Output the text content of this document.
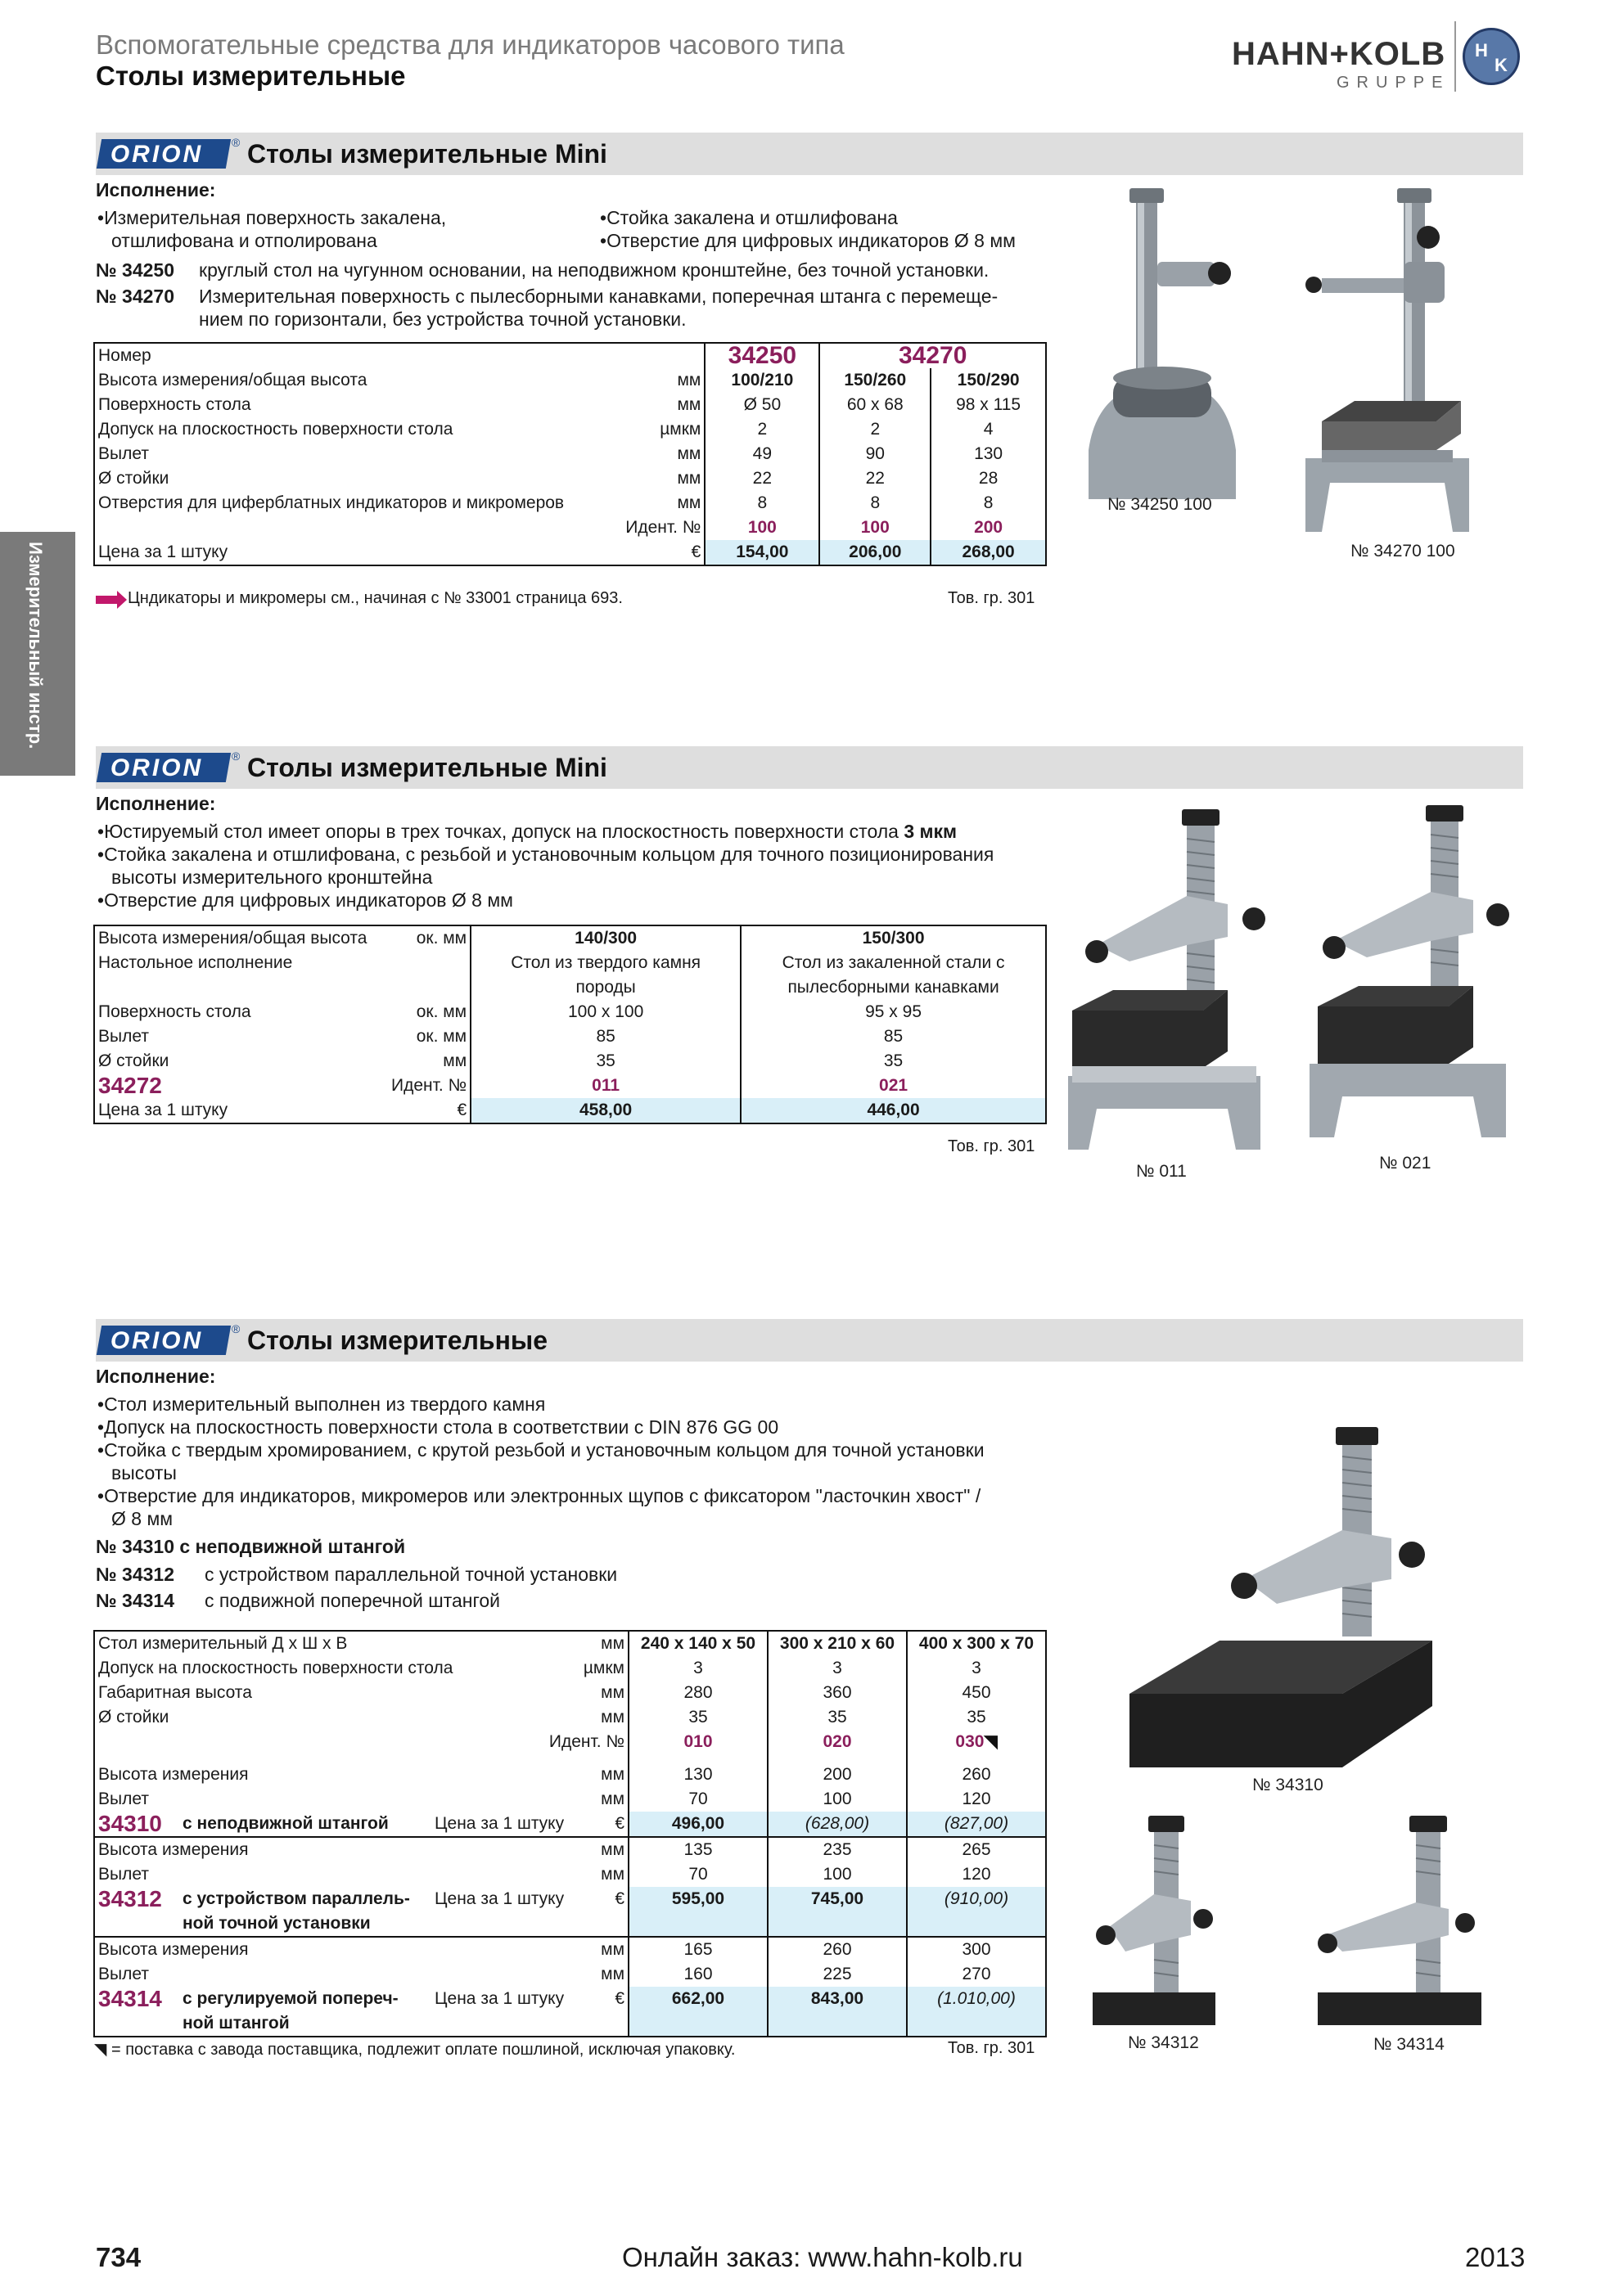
Вспомогательные средства для индикаторов часового типа
Столы измерительные
HAHN+KOLB
GRUPPE
H
K
Измерительный инстр.
ORION ® Столы измерительные Mini
Исполнение:
•Измерительная поверхность закалена,
отшлифована и отполирована
•Стойка закалена и отшлифована
•Отверстие для цифровых индикаторов Ø 8 мм
№ 34250 круглый стол на чугунном основании, на неподвижном кронштейне, без точной установки.
№ 34270 Измерительная поверхность с пылесборными канавками, поперечная штанга с перемеще-
нием по горизонтали, без устройства точной установки.
Номер		34250	34270	
Высота измерения/общая высота	мм	100/210	150/260	150/290
Поверхность стола	мм	Ø 50	60 x 68	98 x 115
Допуск на плоскостность поверхности стола	µмкм	2	2	4
Вылет	мм	49	90	130
Ø стойки	мм	22	22	28
Отверстия для циферблатных индикаторов и микромеров	мм	8	8	8
Идент. №		100	100	200
Цена за 1 штуку	€	154,00	206,00	268,00
Цндикаторы и микромеры см., начиная с № 33001 страница 693.	Тов. гр. 301
№ 34250 100
№ 34270 100
ORION ® Столы измерительные Mini
Исполнение:
•Юстируемый стол имеет опоры в трех точках, допуск на плоскостность поверхности стола 3 мкм
•Стойка закалена и отшлифована, с резьбой и установочным кольцом для точного позиционирования
высоты измерительного кронштейна
•Отверстие для цифровых индикаторов Ø 8 мм
Высота измерения/общая высота	ок. мм	140/300	150/300
Настольное исполнение		Стол из твердого камня	Стол из закаленной стали с
		породы	пылесборными канавками
Поверхность стола	ок. мм	100 x 100	95 x 95
Вылет	ок. мм	85	85
Ø стойки	мм	35	35
34272	Идент. №	011	021
Цена за 1 штуку	€	458,00	446,00
Тов. гр. 301
№ 011	№ 021
ORION ® Столы измерительные
Исполнение:
•Стол измерительный выполнен из твердого камня
•Допуск на плоскостность поверхности стола в соответствии с DIN 876 GG 00
•Стойка с твердым хромированием, с крутой резьбой и установочным кольцом для точной установки
высоты
•Отверстие для индикаторов, микромеров или электронных щупов с фиксатором "ласточкин хвост" /
Ø 8 мм
№ 34310 с неподвижной штангой
№ 34312 с устройством параллельной точной установки
№ 34314 с подвижной поперечной штангой
Стол измерительный Д х Ш х В			мм	240 x 140 x 50	300 x 210 x 60	400 x 300 x 70
Допуск на плоскостность поверхности стола			µмкм	3	3	3
Габаритная высота			мм	280	360	450
Ø стойки			мм	35	35	35
Идент. №				010	020	030◥

Высота измерения			мм	130	200	260
Вылет			мм	70	100	120
34310	с неподвижной штангой	Цена за 1 штуку	€	496,00	(628,00)	(827,00)
Высота измерения			мм	135	235	265
Вылет			мм	70	100	120
34312	с устройством параллель-	Цена за 1 штуку	€	595,00	745,00	(910,00)
	ной точной установки					
Высота измерения			мм	165	260	300
Вылет			мм	160	225	270
34314	с регулируемой попереч-	Цена за 1 штуку	€	662,00	843,00	(1.010,00)
	ной штангой					
◥ = поставка с завода поставщика, подлежит оплате пошлиной, исключая упаковку.	Тов. гр. 301
№ 34310
№ 34312	№ 34314
734	Онлайн заказ: www.hahn-kolb.ru	2013
